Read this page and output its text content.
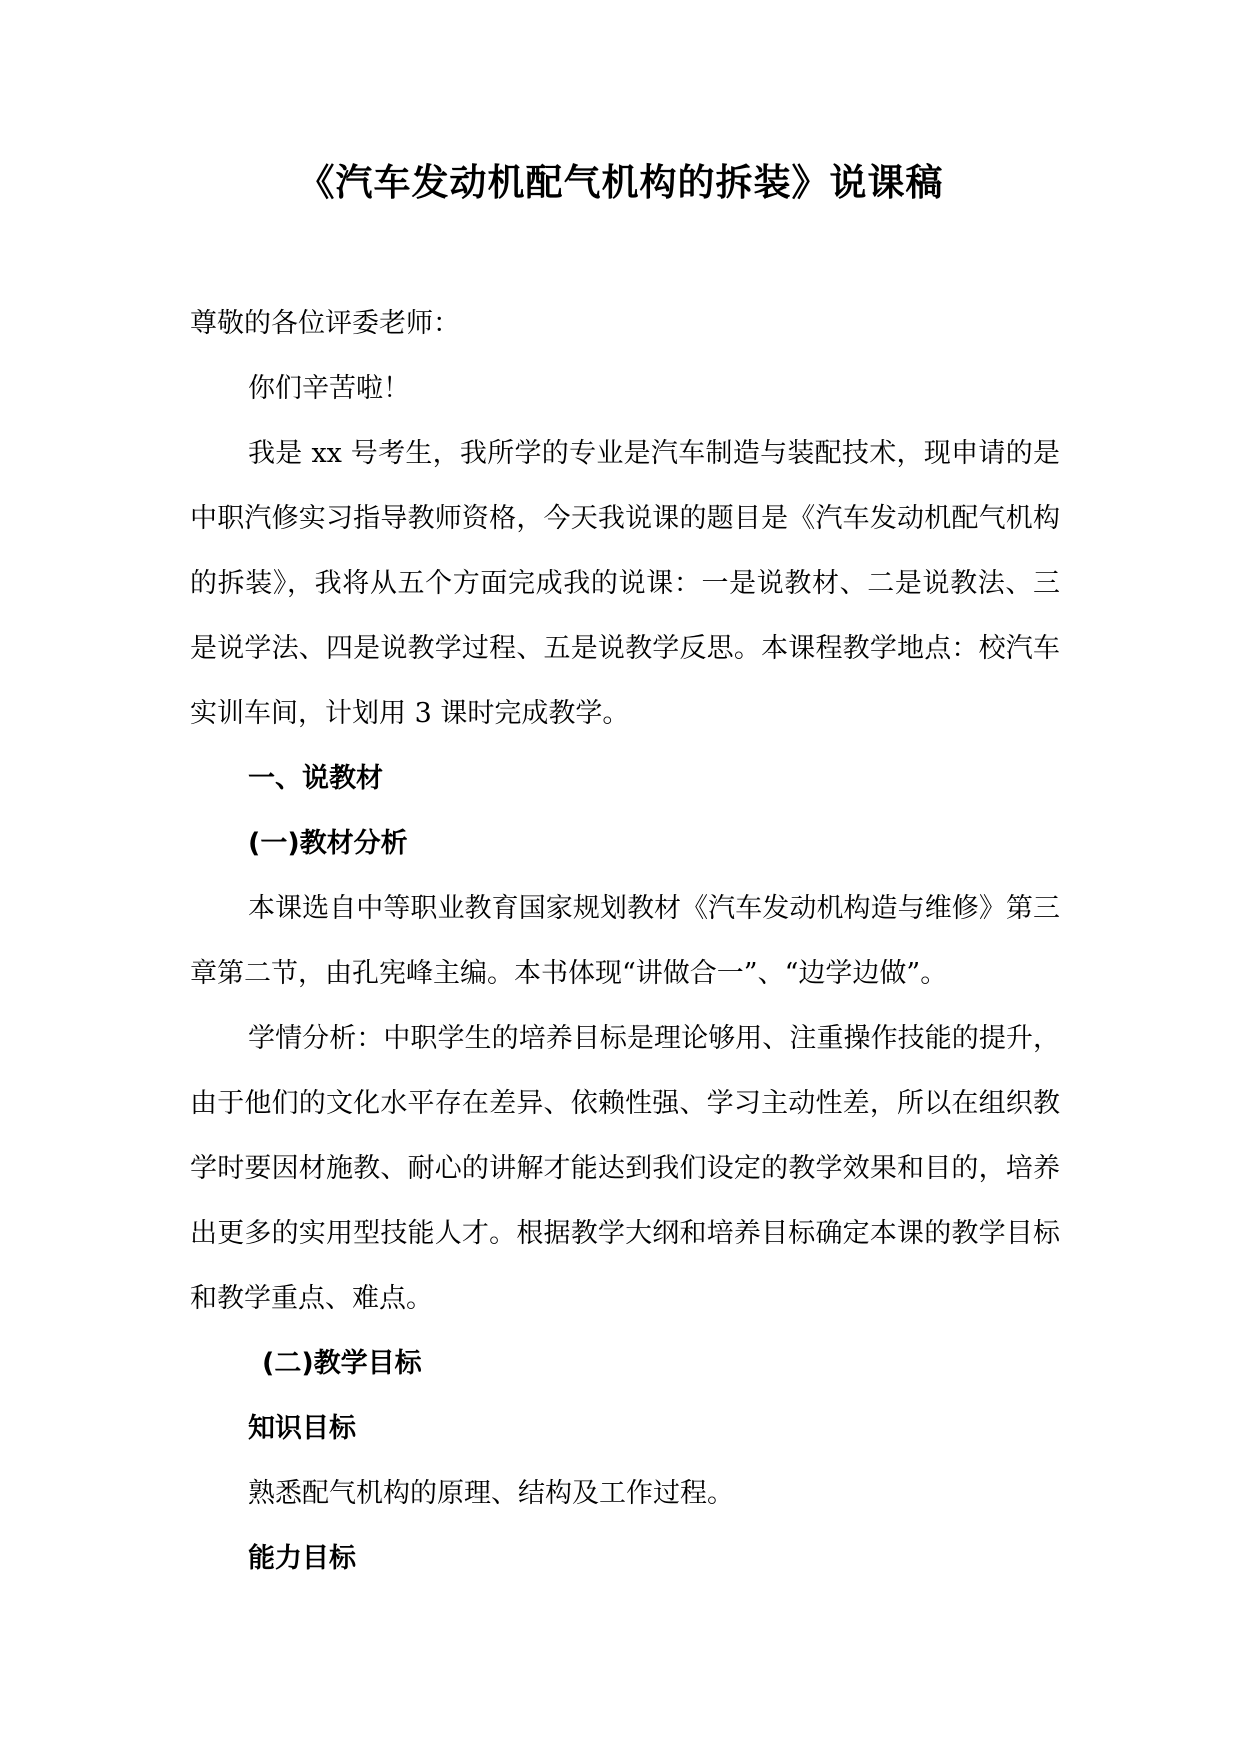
《汽车发动机配气机构的拆装》说课稿

尊敬的各位评委老师：

你们辛苦啦！

我是 xx 号考生，我所学的专业是汽车制造与装配技术，现申请的是中职汽修实习指导教师资格，今天我说课的题目是《汽车发动机配气机构的拆装》，我将从五个方面完成我的说课：一是说教材、二是说教法、三是说学法、四是说教学过程、五是说教学反思。本课程教学地点：校汽车实训车间，计划用 3 课时完成教学。

一、说教材

(一)教材分析

本课选自中等职业教育国家规划教材《汽车发动机构造与维修》第三章第二节，由孔宪峰主编。本书体现“讲做合一”、“边学边做”。

学情分析：中职学生的培养目标是理论够用、注重操作技能的提升，由于他们的文化水平存在差异、依赖性强、学习主动性差，所以在组织教学时要因材施教、耐心的讲解才能达到我们设定的教学效果和目的，培养出更多的实用型技能人才。根据教学大纲和培养目标确定本课的教学目标和教学重点、难点。

(二)教学目标

知识目标

熟悉配气机构的原理、结构及工作过程。

能力目标
